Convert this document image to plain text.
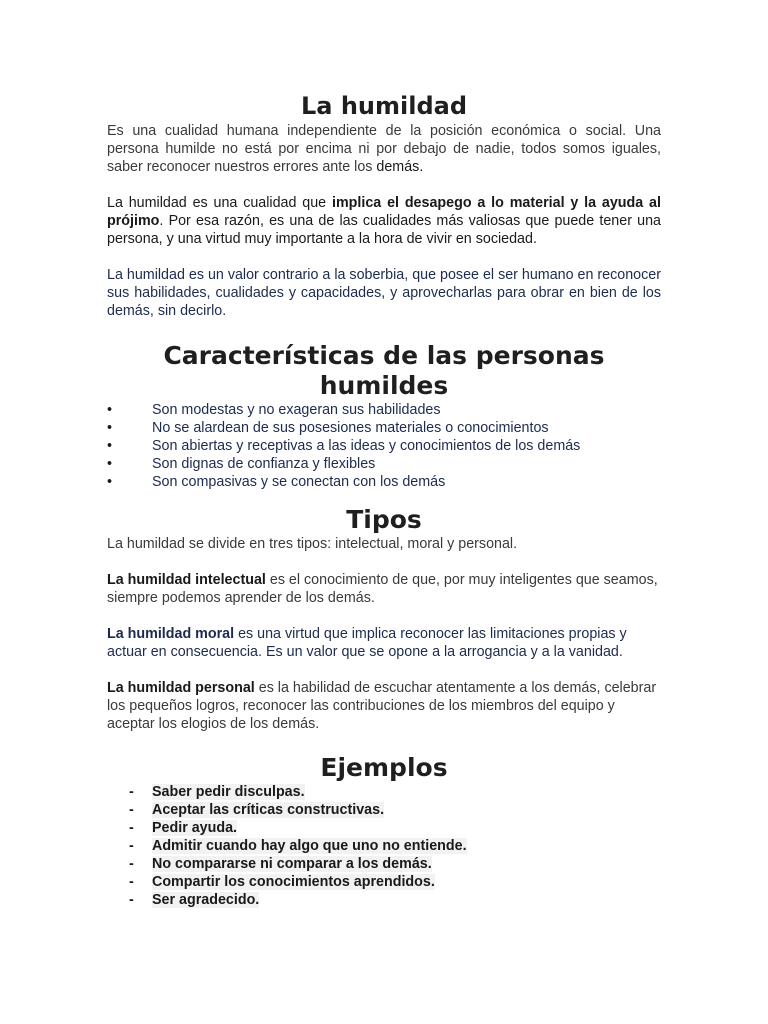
La humildad

Es una cualidad humana independiente de la posición económica o social. Una persona humilde no está por encima ni por debajo de nadie, todos somos iguales, saber reconocer nuestros errores ante los demás.

La humildad es una cualidad que implica el desapego a lo material y la ayuda al prójimo. Por esa razón, es una de las cualidades más valiosas que puede tener una persona, y una virtud muy importante a la hora de vivir en sociedad.

La humildad es un valor contrario a la soberbia, que posee el ser humano en reconocer sus habilidades, cualidades y capacidades, y aprovecharlas para obrar en bien de los demás, sin decirlo.

Características de las personas humildes
• Son modestas y no exageran sus habilidades
• No se alardean de sus posesiones materiales o conocimientos
• Son abiertas y receptivas a las ideas y conocimientos de los demás
• Son dignas de confianza y flexibles
• Son compasivas y se conectan con los demás
Tipos

La humildad se divide en tres tipos: intelectual, moral y personal.

La humildad intelectual es el conocimiento de que, por muy inteligentes que seamos, siempre podemos aprender de los demás.

La humildad moral es una virtud que implica reconocer las limitaciones propias y actuar en consecuencia. Es un valor que se opone a la arrogancia y a la vanidad.

La humildad personal es la habilidad de escuchar atentamente a los demás, celebrar los pequeños logros, reconocer las contribuciones de los miembros del equipo y aceptar los elogios de los demás.

Ejemplos
- Saber pedir disculpas.
- Aceptar las críticas constructivas.
- Pedir ayuda.
- Admitir cuando hay algo que uno no entiende.
- No compararse ni comparar a los demás.
- Compartir los conocimientos aprendidos.
- Ser agradecido.
